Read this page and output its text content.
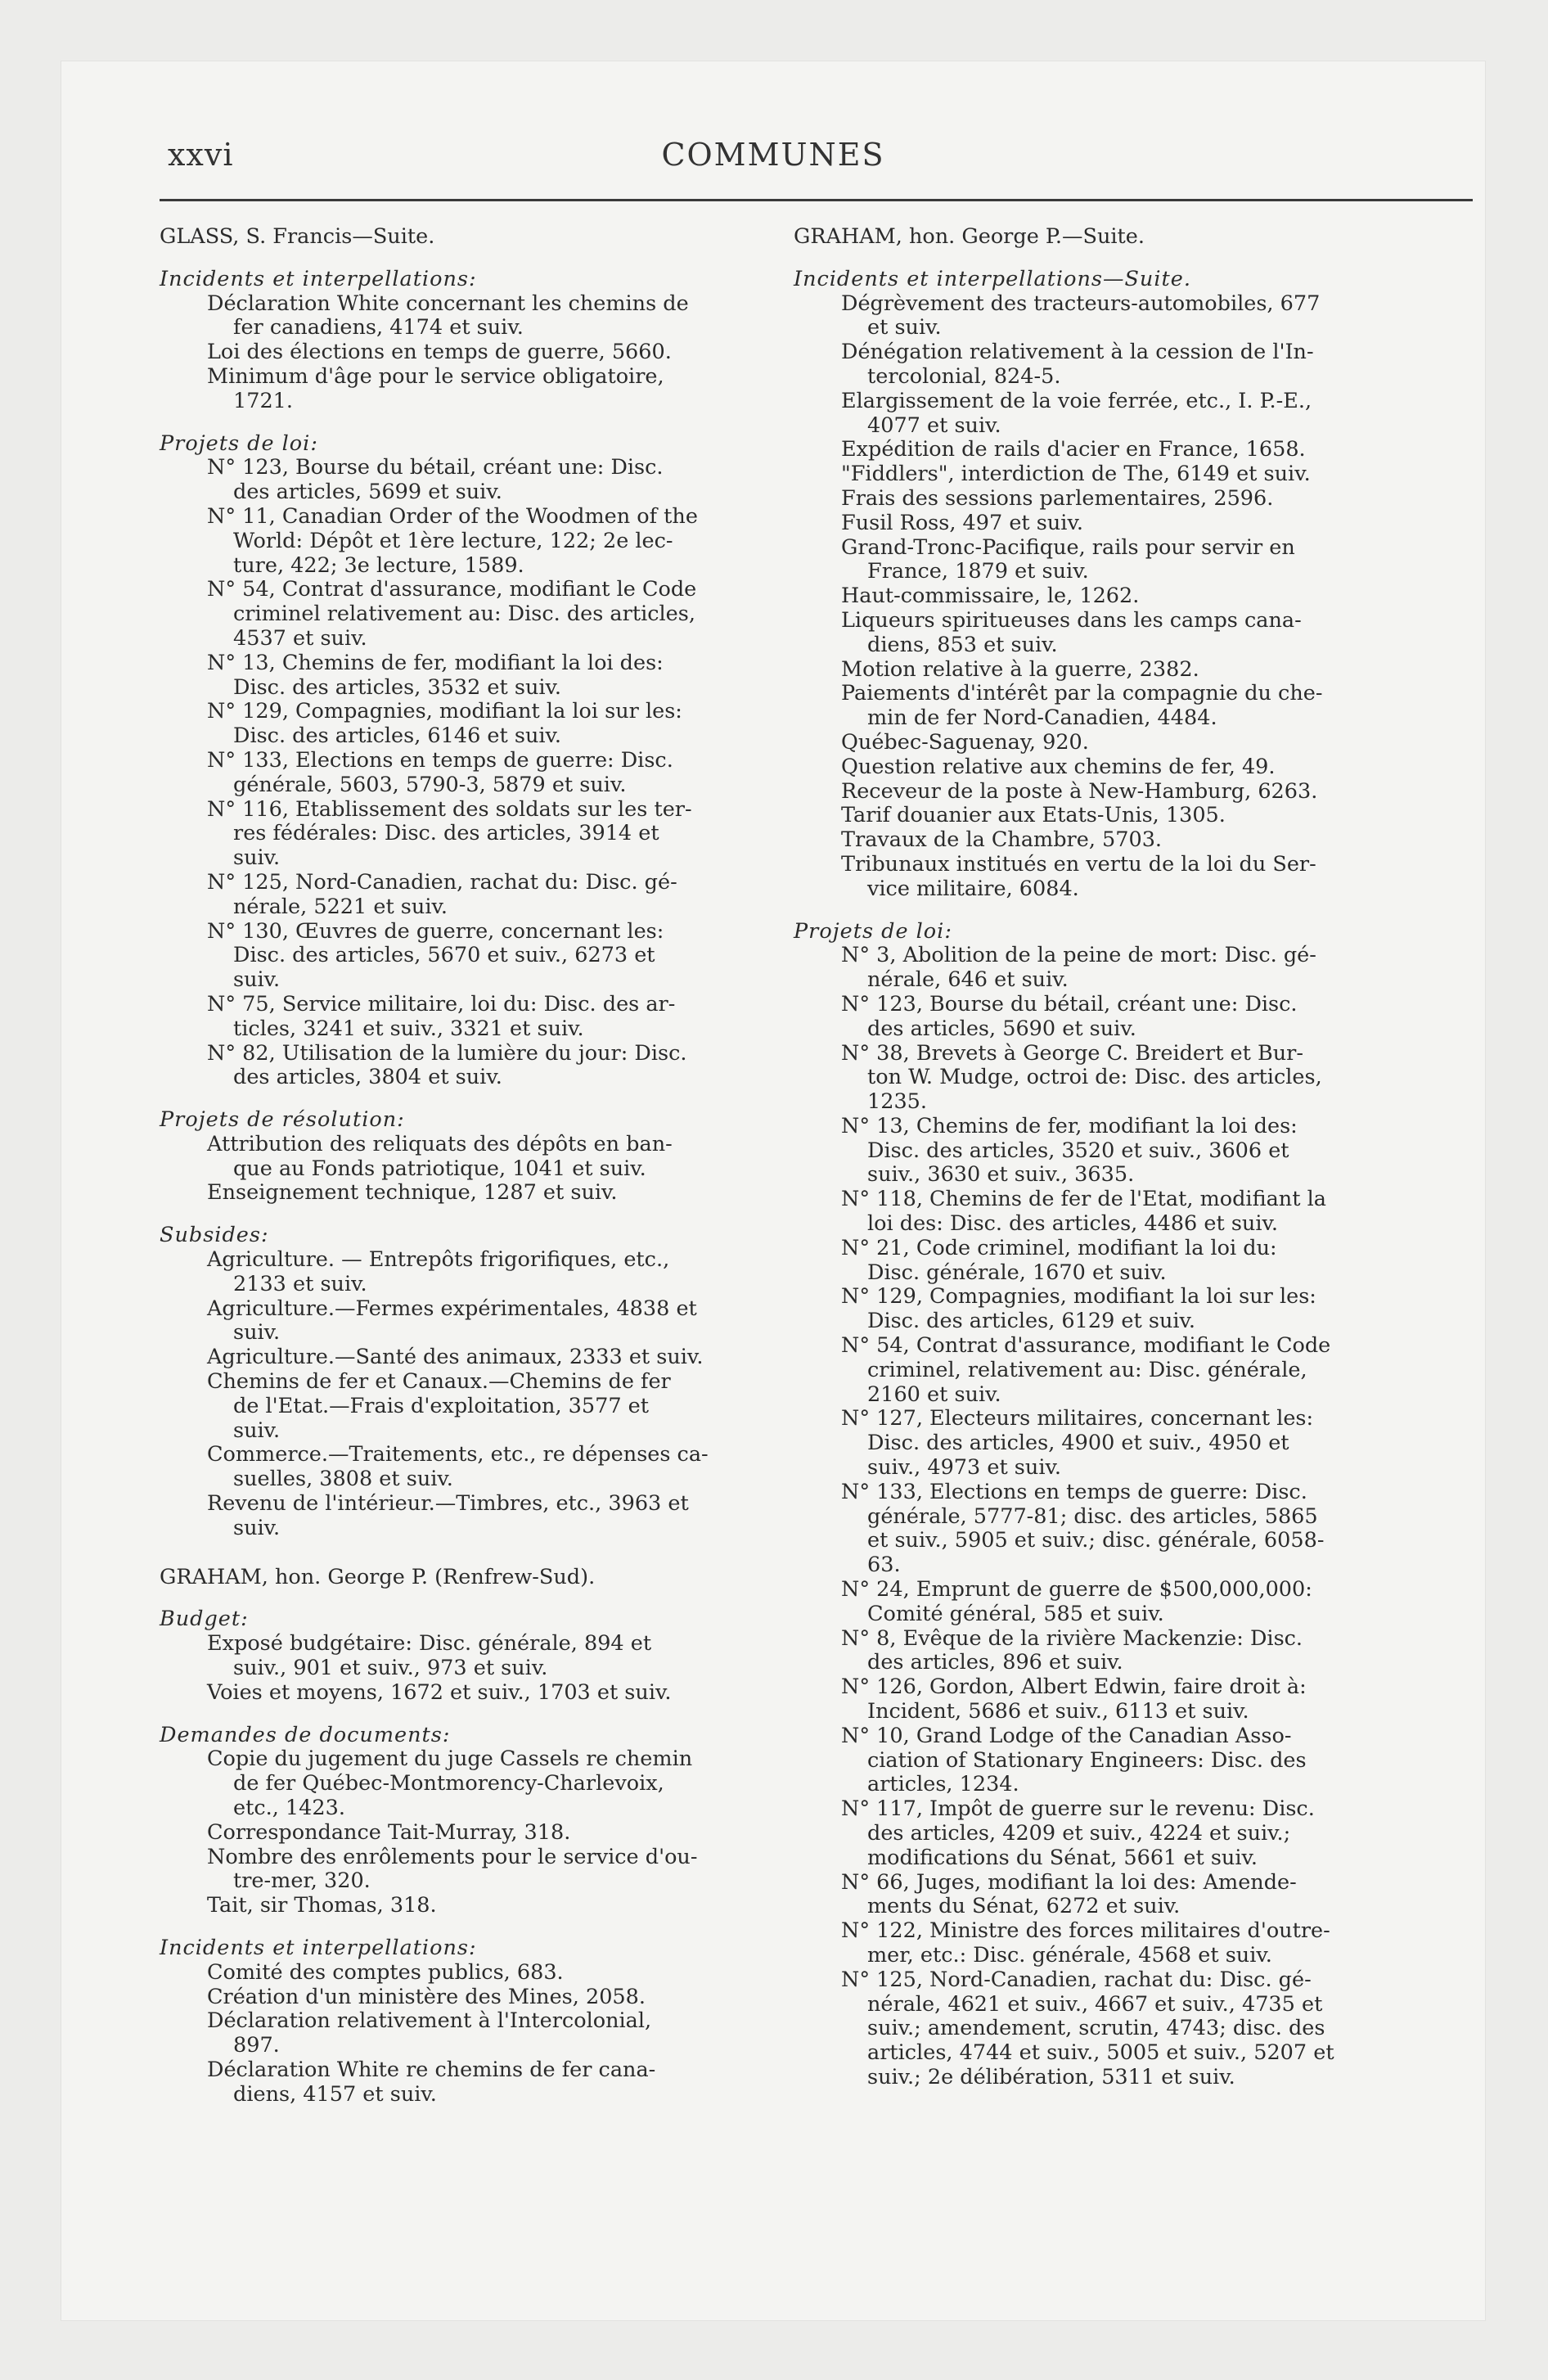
xxvi	COMMUNES
GLASS, S. Francis—Suite.
Incidents et interpellations:
Déclaration White concernant les chemins de
fer canadiens, 4174 et suiv.
Loi des élections en temps de guerre, 5660.
Minimum d'âge pour le service obligatoire,
1721.
Projets de loi:
N° 123, Bourse du bétail, créant une: Disc.
des articles, 5699 et suiv.
N° 11, Canadian Order of the Woodmen of the
World: Dépôt et 1ère lecture, 122; 2e lec-
ture, 422; 3e lecture, 1589.
N° 54, Contrat d'assurance, modifiant le Code
criminel relativement au: Disc. des articles,
4537 et suiv.
N° 13, Chemins de fer, modifiant la loi des:
Disc. des articles, 3532 et suiv.
N° 129, Compagnies, modifiant la loi sur les:
Disc. des articles, 6146 et suiv.
N° 133, Elections en temps de guerre: Disc.
générale, 5603, 5790-3, 5879 et suiv.
N° 116, Etablissement des soldats sur les ter-
res fédérales: Disc. des articles, 3914 et
suiv.
N° 125, Nord-Canadien, rachat du: Disc. gé-
nérale, 5221 et suiv.
N° 130, Œuvres de guerre, concernant les:
Disc. des articles, 5670 et suiv., 6273 et
suiv.
N° 75, Service militaire, loi du: Disc. des ar-
ticles, 3241 et suiv., 3321 et suiv.
N° 82, Utilisation de la lumière du jour: Disc.
des articles, 3804 et suiv.
Projets de résolution:
Attribution des reliquats des dépôts en ban-
que au Fonds patriotique, 1041 et suiv.
Enseignement technique, 1287 et suiv.
Subsides:
Agriculture. — Entrepôts frigorifiques, etc.,
2133 et suiv.
Agriculture.—Fermes expérimentales, 4838 et
suiv.
Agriculture.—Santé des animaux, 2333 et suiv.
Chemins de fer et Canaux.—Chemins de fer
de l'Etat.—Frais d'exploitation, 3577 et
suiv.
Commerce.—Traitements, etc., re dépenses ca-
suelles, 3808 et suiv.
Revenu de l'intérieur.—Timbres, etc., 3963 et
suiv.
GRAHAM, hon. George P. (Renfrew-Sud).
Budget:
Exposé budgétaire: Disc. générale, 894 et
suiv., 901 et suiv., 973 et suiv.
Voies et moyens, 1672 et suiv., 1703 et suiv.
Demandes de documents:
Copie du jugement du juge Cassels re chemin
de fer Québec-Montmorency-Charlevoix,
etc., 1423.
Correspondance Tait-Murray, 318.
Nombre des enrôlements pour le service d'ou-
tre-mer, 320.
Tait, sir Thomas, 318.
Incidents et interpellations:
Comité des comptes publics, 683.
Création d'un ministère des Mines, 2058.
Déclaration relativement à l'Intercolonial,
897.
Déclaration White re chemins de fer cana-
diens, 4157 et suiv.
GRAHAM, hon. George P.—Suite.
Incidents et interpellations—Suite.
Dégrèvement des tracteurs-automobiles, 677
et suiv.
Dénégation relativement à la cession de l'In-
tercolonial, 824-5.
Elargissement de la voie ferrée, etc., I. P.-E.,
4077 et suiv.
Expédition de rails d'acier en France, 1658.
"Fiddlers", interdiction de The, 6149 et suiv.
Frais des sessions parlementaires, 2596.
Fusil Ross, 497 et suiv.
Grand-Tronc-Pacifique, rails pour servir en
France, 1879 et suiv.
Haut-commissaire, le, 1262.
Liqueurs spiritueuses dans les camps cana-
diens, 853 et suiv.
Motion relative à la guerre, 2382.
Paiements d'intérêt par la compagnie du che-
min de fer Nord-Canadien, 4484.
Québec-Saguenay, 920.
Question relative aux chemins de fer, 49.
Receveur de la poste à New-Hamburg, 6263.
Tarif douanier aux Etats-Unis, 1305.
Travaux de la Chambre, 5703.
Tribunaux institués en vertu de la loi du Ser-
vice militaire, 6084.
Projets de loi:
N° 3, Abolition de la peine de mort: Disc. gé-
nérale, 646 et suiv.
N° 123, Bourse du bétail, créant une: Disc.
des articles, 5690 et suiv.
N° 38, Brevets à George C. Breidert et Bur-
ton W. Mudge, octroi de: Disc. des articles,
1235.
N° 13, Chemins de fer, modifiant la loi des:
Disc. des articles, 3520 et suiv., 3606 et
suiv., 3630 et suiv., 3635.
N° 118, Chemins de fer de l'Etat, modifiant la
loi des: Disc. des articles, 4486 et suiv.
N° 21, Code criminel, modifiant la loi du:
Disc. générale, 1670 et suiv.
N° 129, Compagnies, modifiant la loi sur les:
Disc. des articles, 6129 et suiv.
N° 54, Contrat d'assurance, modifiant le Code
criminel, relativement au: Disc. générale,
2160 et suiv.
N° 127, Electeurs militaires, concernant les:
Disc. des articles, 4900 et suiv., 4950 et
suiv., 4973 et suiv.
N° 133, Elections en temps de guerre: Disc.
générale, 5777-81; disc. des articles, 5865
et suiv., 5905 et suiv.; disc. générale, 6058-
63.
N° 24, Emprunt de guerre de $500,000,000:
Comité général, 585 et suiv.
N° 8, Evêque de la rivière Mackenzie: Disc.
des articles, 896 et suiv.
N° 126, Gordon, Albert Edwin, faire droit à:
Incident, 5686 et suiv., 6113 et suiv.
N° 10, Grand Lodge of the Canadian Asso-
ciation of Stationary Engineers: Disc. des
articles, 1234.
N° 117, Impôt de guerre sur le revenu: Disc.
des articles, 4209 et suiv., 4224 et suiv.;
modifications du Sénat, 5661 et suiv.
N° 66, Juges, modifiant la loi des: Amende-
ments du Sénat, 6272 et suiv.
N° 122, Ministre des forces militaires d'outre-
mer, etc.: Disc. générale, 4568 et suiv.
N° 125, Nord-Canadien, rachat du: Disc. gé-
nérale, 4621 et suiv., 4667 et suiv., 4735 et
suiv.; amendement, scrutin, 4743; disc. des
articles, 4744 et suiv., 5005 et suiv., 5207 et
suiv.; 2e délibération, 5311 et suiv.
